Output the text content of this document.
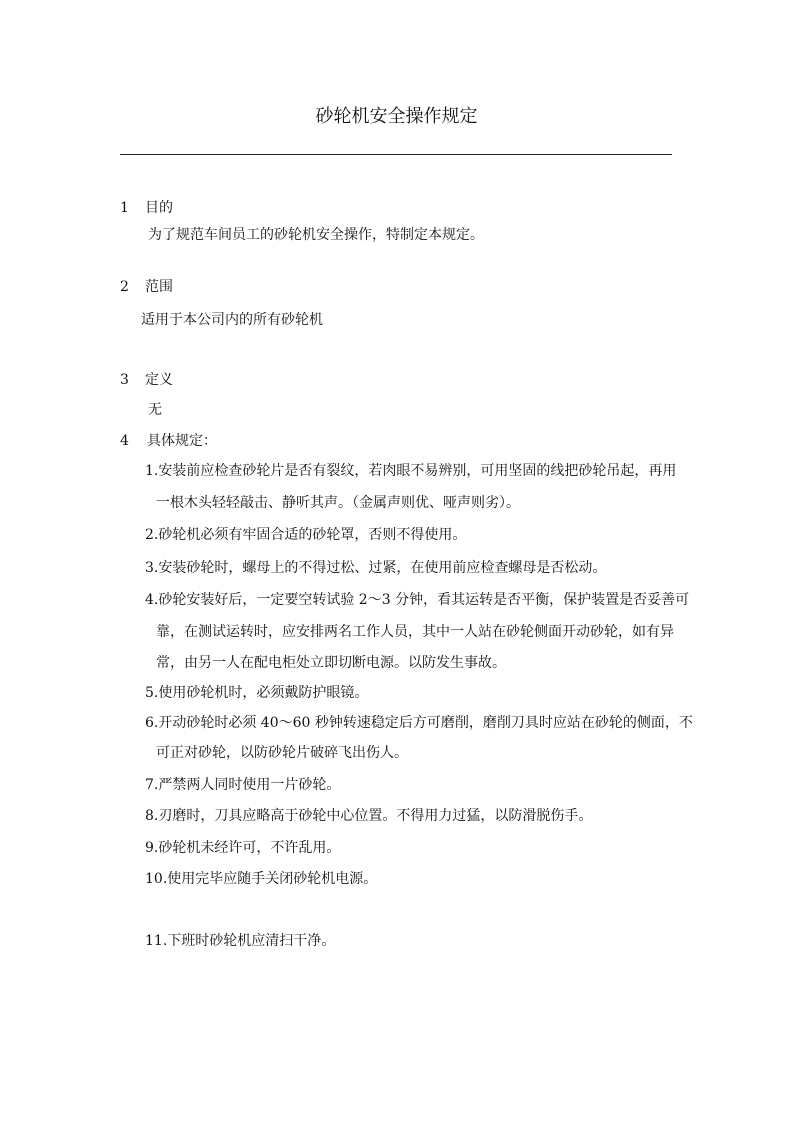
砂轮机安全操作规定
1 目的
为了规范车间员工的砂轮机安全操作，特制定本规定。
2 范围
适用于本公司内的所有砂轮机
3 定义
无
4 具体规定：
1.安装前应检查砂轮片是否有裂纹，若肉眼不易辨别，可用坚固的线把砂轮吊起，再用
一根木头轻轻敲击、静听其声。（金属声则优、哑声则劣）。
2.砂轮机必须有牢固合适的砂轮罩，否则不得使用。
3.安装砂轮时，螺母上的不得过松、过紧，在使用前应检查螺母是否松动。
4.砂轮安装好后，一定要空转试验 2～3 分钟，看其运转是否平衡，保护装置是否妥善可
靠，在测试运转时，应安排两名工作人员，其中一人站在砂轮侧面开动砂轮，如有异
常，由另一人在配电柜处立即切断电源。以防发生事故。
5.使用砂轮机时，必须戴防护眼镜。
6.开动砂轮时必须 40～60 秒钟转速稳定后方可磨削，磨削刀具时应站在砂轮的侧面，不
可正对砂轮，以防砂轮片破碎飞出伤人。
7.严禁两人同时使用一片砂轮。
8.刃磨时，刀具应略高于砂轮中心位置。不得用力过猛，以防滑脱伤手。
9.砂轮机未经许可，不许乱用。
10.使用完毕应随手关闭砂轮机电源。
11.下班时砂轮机应清扫干净。
